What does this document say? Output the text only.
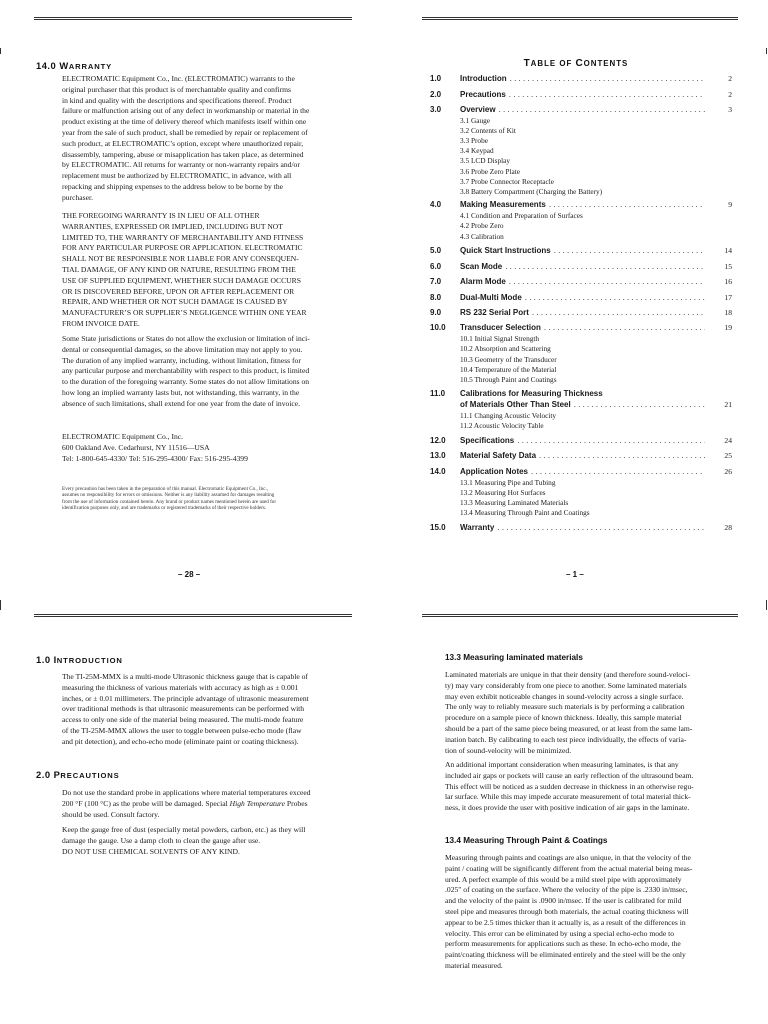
14.0 WARRANTY
ELECTROMATIC Equipment Co., Inc. (ELECTROMATIC) warrants to the
original purchaser that this product is of merchantable quality and confirms
in kind and quality with the descriptions and specifications thereof. Product
failure or malfunction arising out of any defect in workmanship or material in the
product existing at the time of delivery thereof which manifests itself within one
year from the sale of such product, shall be remedied by repair or replacement of
such product, at ELECTROMATIC’s option, except where unauthorized repair,
disassembly, tampering, abuse or misapplication has taken place, as determined
by ELECTROMATIC. All returns for warranty or non-warranty repairs and/or
replacement must be authorized by ELECTROMATIC, in advance, with all
repacking and shipping expenses to the address below to be borne by the
purchaser.
THE FOREGOING WARRANTY IS IN LIEU OF ALL OTHER
WARRANTIES, EXPRESSED OR IMPLIED, INCLUDING BUT NOT
LIMITED TO, THE WARRANTY OF MERCHANTABILITY AND FITNESS
FOR ANY PARTICULAR PURPOSE OR APPLICATION. ELECTROMATIC
SHALL NOT BE RESPONSIBLE NOR LIABLE FOR ANY CONSEQUEN-
TIAL DAMAGE, OF ANY KIND OR NATURE, RESULTING FROM THE
USE OF SUPPLIED EQUIPMENT, WHETHER SUCH DAMAGE OCCURS
OR IS DISCOVERED BEFORE, UPON OR AFTER REPLACEMENT OR
REPAIR, AND WHETHER OR NOT SUCH DAMAGE IS CAUSED BY
MANUFACTURER’S OR SUPPLIER’S NEGLIGENCE WITHIN ONE YEAR
FROM INVOICE DATE.
Some State jurisdictions or States do not allow the exclusion or limitation of inci-
dental or consequential damages, so the above limitation may not apply to you.
The duration of any implied warranty, including, without limitation, fitness for
any particular purpose and merchantability with respect to this product, is limited
to the duration of the foregoing warranty. Some states do not allow limitations on
how long an implied warranty lasts but, not withstanding, this warranty, in the
absence of such limitations, shall extend for one year from the date of invoice.
ELECTROMATIC Equipment Co., Inc.
600 Oakland Ave. Cedarhurst, NY 11516—USA
Tel: 1-800-645-4330/ Tel: 516-295-4300/ Fax: 516-295-4399
Every precaution has been taken in the preparation of this manual. Electromatic Equipment Co., Inc.,
assumes no responsibility for errors or omissions. Neither is any liability assumed for damages resulting
from the use of information contained herein. Any brand or product names mentioned herein are used for
identification purposes only, and are trademarks or registered trademarks of their respective holders.
– 28 –
TABLE OF CONTENTS
1.0	Introduction . . .	2
2.0	Precautions . . .	2
3.0	Overview . . .	3
3.1 Gauge
3.2 Contents of Kit
3.3 Probe
3.4 Keypad
3.5 LCD Display
3.6 Probe Zero Plate
3.7 Probe Connector Receptacle
3.8 Battery Compartment (Charging the Battery)
4.0	Making Measurements . . .	9
4.1 Condition and Preparation of Surfaces
4.2 Probe Zero
4.3 Calibration
5.0	Quick Start Instructions . . .	14
6.0	Scan Mode . . .	15
7.0	Alarm Mode . . .	16
8.0	Dual-Multi Mode . . .	17
9.0	RS 232 Serial Port . . .	18
10.0	Transducer Selection . . .	19
10.1 Initial Signal Strength
10.2 Absorption and Scattering
10.3 Geometry of the Transducer
10.4 Temperature of the Material
10.5 Through Paint and Coatings
11.0	Calibrations for Measuring Thickness
of Materials Other Than Steel . . .	21
11.1 Changing Acoustic Velocity
11.2 Acoustic Velocity Table
12.0	Specifications . . .	24
13.0	Material Safety Data . . .	25
14.0	Application Notes . . .	26
13.1 Measuring Pipe and Tubing
13.2 Measuring Hot Surfaces
13.3 Measuring Laminated Materials
13.4 Measuring Through Paint and Coatings
15.0	Warranty . . .	28
– 1 –
1.0 INTRODUCTION
The TI-25M-MMX is a multi-mode Ultrasonic thickness gauge that is capable of
measuring the thickness of various materials with accuracy as high as ± 0.001
inches, or ± 0.01 millimeters. The principle advantage of ultrasonic measurement
over traditional methods is that ultrasonic measurements can be performed with
access to only one side of the material being measured. The multi-mode feature
of the TI-25M-MMX allows the user to toggle between pulse-echo mode (flaw
and pit detection), and echo-echo mode (eliminate paint or coating thickness).
2.0 PRECAUTIONS
Do not use the standard probe in applications where material temperatures exceed
200 °F (100 °C) as the probe will be damaged. Special High Temperature Probes
should be used. Consult factory.
Keep the gauge free of dust (especially metal powders, carbon, etc.) as they will
damage the gauge. Use a damp cloth to clean the gauge after use.
DO NOT USE CHEMICAL SOLVENTS OF ANY KIND.
13.3 Measuring laminated materials
Laminated materials are unique in that their density (and therefore sound-veloci-
ty) may vary considerably from one piece to another. Some laminated materials
may even exhibit noticeable changes in sound-velocity across a single surface.
The only way to reliably measure such materials is by performing a calibration
procedure on a sample piece of known thickness. Ideally, this sample material
should be a part of the same piece being measured, or at least from the same lam-
ination batch. By calibrating to each test piece individually, the effects of varia-
tion of sound-velocity will be minimized.
An additional important consideration when measuring laminates, is that any
included air gaps or pockets will cause an early reflection of the ultrasound beam.
This effect will be noticed as a sudden decrease in thickness in an otherwise regu-
lar surface. While this may impede accurate measurement of total material thick-
ness, it does provide the user with positive indication of air gaps in the laminate.
13.4 Measuring Through Paint & Coatings
Measuring through paints and coatings are also unique, in that the velocity of the
paint / coating will be significantly different from the actual material being meas-
ured. A perfect example of this would be a mild steel pipe with approximately
.025" of coating on the surface. Where the velocity of the pipe is .2330 in/msec,
and the velocity of the paint is .0900 in/msec. If the user is calibrated for mild
steel pipe and measures through both materials, the actual coating thickness will
appear to be 2.5 times thicker than it actually is, as a result of the differences in
velocity. This error can be eliminated by using a special echo-echo mode to
perform measurements for applications such as these. In echo-echo mode, the
paint/coating thickness will be eliminated entirely and the steel will be the only
material measured.
